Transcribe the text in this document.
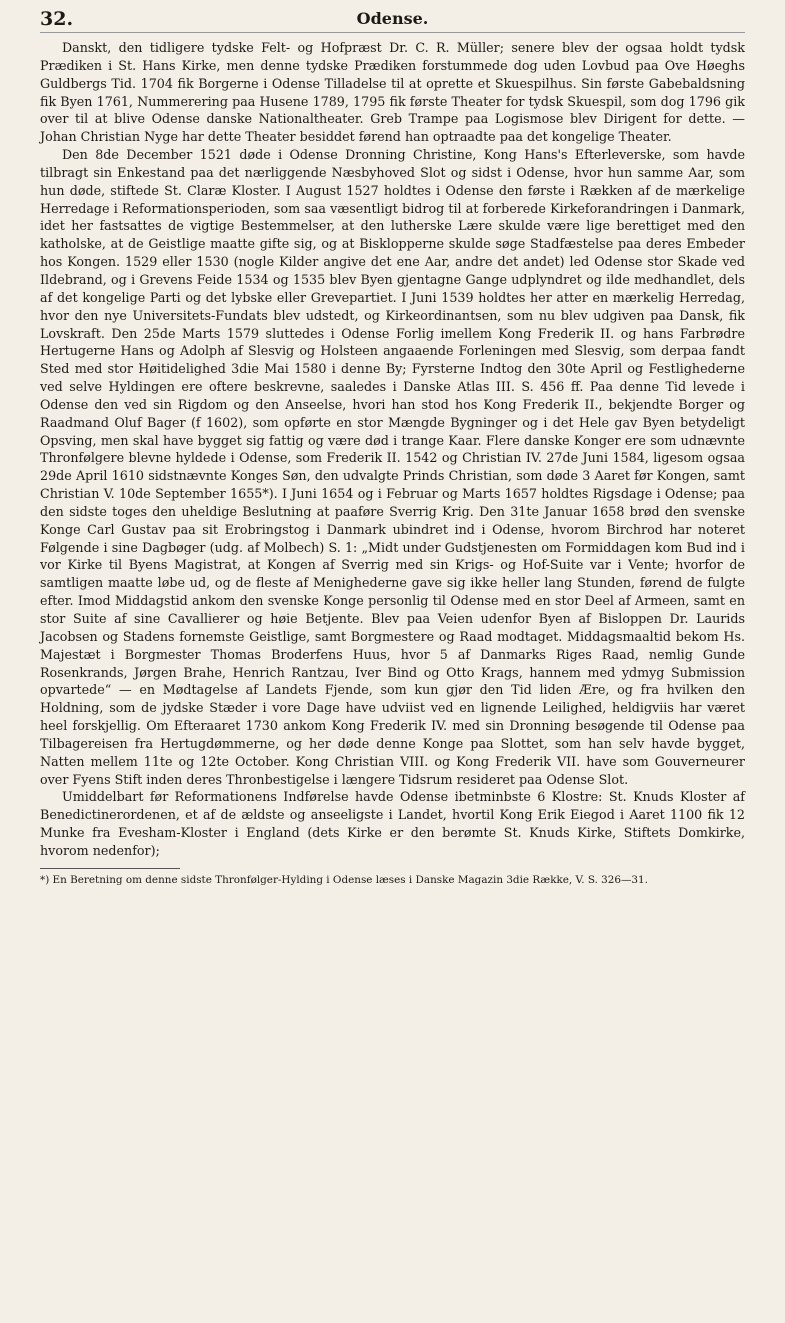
32.	Odense.

Danskt, den tidligere tydske Felt- og Hofpræst Dr. C. R. Müller; senere blev der ogsaa holdt tydsk Prædiken i St. Hans Kirke, men denne tydske Prædiken forstummede dog uden Lovbud paa Ove Høeghs Guldbergs Tid. 1704 fik Borgerne i Odense Tilladelse til at oprette et Skuespilhus. Sin første Gabebaldsning fik Byen 1761, Nummerering paa Husene 1789, 1795 fik første Theater for tydsk Skuespil, som dog 1796 gik over til at blive Odense danske Nationaltheater. Greb Trampe paa Logismose blev Dirigent for dette. — Johan Christian Nyge har dette Theater besiddet førend han optraadte paa det kongelige Theater.

Den 8de December 1521 døde i Odense Dronning Christine, Kong Hans's Efterleverske, som havde tilbragt sin Enkestand paa det nærliggende Næsbyhoved Slot og sidst i Odense, hvor hun samme Aar, som hun døde, stiftede St. Claræ Kloster. I August 1527 holdtes i Odense den første i Rækken af de mærkelige Herredage i Reformationsperioden, som saa væsentligt bidrog til at forberede Kirkeforandringen i Danmark, idet her fastsattes de vigtige Bestemmelser, at den lutherske Lære skulde være lige berettiget med den katholske, at de Geistlige maatte gifte sig, og at Bisklopperne skulde søge Stadfæstelse paa deres Embeder hos Kongen. 1529 eller 1530 (nogle Kilder angive det ene Aar, andre det andet) led Odense stor Skade ved Ildebrand, og i Grevens Feide 1534 og 1535 blev Byen gjentagne Gange udplyndret og ilde medhandlet, dels af det kongelige Parti og det lybske eller Grevepartiet. I Juni 1539 holdtes her atter en mærkelig Herredag, hvor den nye Universitets-Fundats blev udstedt, og Kirkeordinantsen, som nu blev udgiven paa Dansk, fik Lovskraft. Den 25de Marts 1579 sluttedes i Odense Forlig imellem Kong Frederik II. og hans Farbrødre Hertugerne Hans og Adolph af Slesvig og Holsteen angaaende Forleningen med Slesvig, som derpaa fandt Sted med stor Høitidelighed 3die Mai 1580 i denne By; Fyrsterne Indtog den 30te April og Festlighederne ved selve Hyldingen ere oftere beskrevne, saaledes i Danske Atlas III. S. 456 ff. Paa denne Tid levede i Odense den ved sin Rigdom og den Anseelse, hvori han stod hos Kong Frederik II., bekjendte Borger og Raadmand Oluf Bager (f 1602), som opførte en stor Mængde Bygninger og i det Hele gav Byen betydeligt Opsving, men skal have bygget sig fattig og være død i trange Kaar. Flere danske Konger ere som udnævnte Thronfølgere blevne hyldede i Odense, som Frederik II. 1542 og Christian IV. 27de Juni 1584, ligesom ogsaa 29de April 1610 sidstnævnte Konges Søn, den udvalgte Prinds Christian, som døde 3 Aaret før Kongen, samt Christian V. 10de September 1655*). I Juni 1654 og i Februar og Marts 1657 holdtes Rigsdage i Odense; paa den sidste toges den uheldige Beslutning at paaføre Sverrig Krig. Den 31te Januar 1658 brød den svenske Konge Carl Gustav paa sit Erobringstog i Danmark ubindret ind i Odense, hvorom Birchrod har noteret Følgende i sine Dagbøger (udg. af Molbech) S. 1: „Midt under Gudstjenesten om Formiddagen kom Bud ind i vor Kirke til Byens Magistrat, at Kongen af Sverrig med sin Krigs- og Hof-Suite var i Vente; hvorfor de samtligen maatte løbe ud, og de fleste af Menighederne gave sig ikke heller lang Stunden, førend de fulgte efter. Imod Middagstid ankom den svenske Konge personlig til Odense med en stor Deel af Armeen, samt en stor Suite af sine Cavallierer og høie Betjente. Blev paa Veien udenfor Byen af Bisloppen Dr. Laurids Jacobsen og Stadens fornemste Geistlige, samt Borgmestere og Raad modtaget. Middagsmaaltid bekom Hs. Majestæt i Borgmester Thomas Broderfens Huus, hvor 5 af Danmarks Riges Raad, nemlig Gunde Rosenkrands, Jørgen Brahe, Henrich Rantzau, Iver Bind og Otto Krags, hannem med ydmyg Submission opvartede“ — en Mødtagelse af Landets Fjende, som kun gjør den Tid liden Ære, og fra hvilken den Holdning, som de jydske Stæder i vore Dage have udviist ved en lignende Leilighed, heldigviis har været heel forskjellig. Om Efteraaret 1730 ankom Kong Frederik IV. med sin Dronning besøgende til Odense paa Tilbagereisen fra Hertugdømmerne, og her døde denne Konge paa Slottet, som han selv havde bygget, Natten mellem 11te og 12te October. Kong Christian VIII. og Kong Frederik VII. have som Gouverneurer over Fyens Stift inden deres Thronbestigelse i længere Tidsrum resideret paa Odense Slot.

Umiddelbart før Reformationens Indførelse havde Odense ibetminbste 6 Klostre: St. Knuds Kloster af Benedictinerordenen, et af de ældste og anseeligste i Landet, hvortil Kong Erik Eiegod i Aaret 1100 fik 12 Munke fra Evesham-Kloster i England (dets Kirke er den berømte St. Knuds Kirke, Stiftets Domkirke, hvorom nedenfor);

*) En Beretning om denne sidste Thronfølger-Hylding i Odense læses i Danske Magazin 3die Række, V. S. 326—31.
